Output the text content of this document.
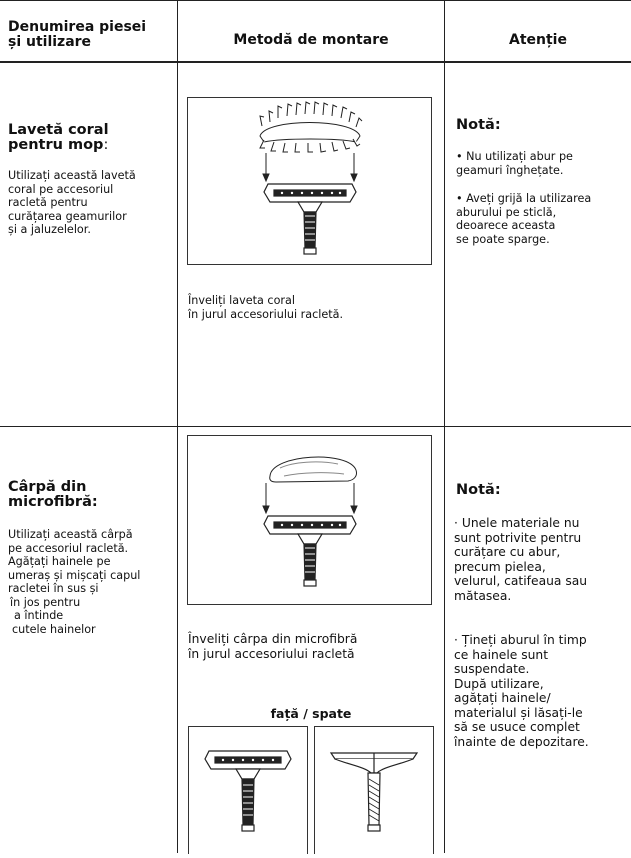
Denumirea piesei
și utilizare	Metodă de montare	Atenție
Lavetă coral
pentru mop:
Utilizați această lavetă
coral pe accesoriul
racletă pentru
curățarea geamurilor
și a jaluzelelor.
Înveliți laveta coral
în jurul accesoriului racletă.
Notă:
• Nu utilizați abur pe
geamuri înghețate.
• Aveți grijă la utilizarea
aburului pe sticlă,
deoarece aceasta
se poate sparge.
Cârpă din
microfibră:
Utilizați această cârpă
pe accesoriul racletă.
Agățați hainele pe
umeraș și mișcați capul
racletei în sus și
în jos pentru
a întinde
cutele hainelor
Înveliți cârpa din microfibră
în jurul accesoriului racletă
față / spate
Notă:
· Unele materiale nu
sunt potrivite pentru
curățare cu abur,
precum pielea,
velurul, catifeaua sau
mătasea.
· Țineți aburul în timp
ce hainele sunt
suspendate.
După utilizare,
agățați hainele/
materialul și lăsați-le
să se usuce complet
înainte de depozitare.
